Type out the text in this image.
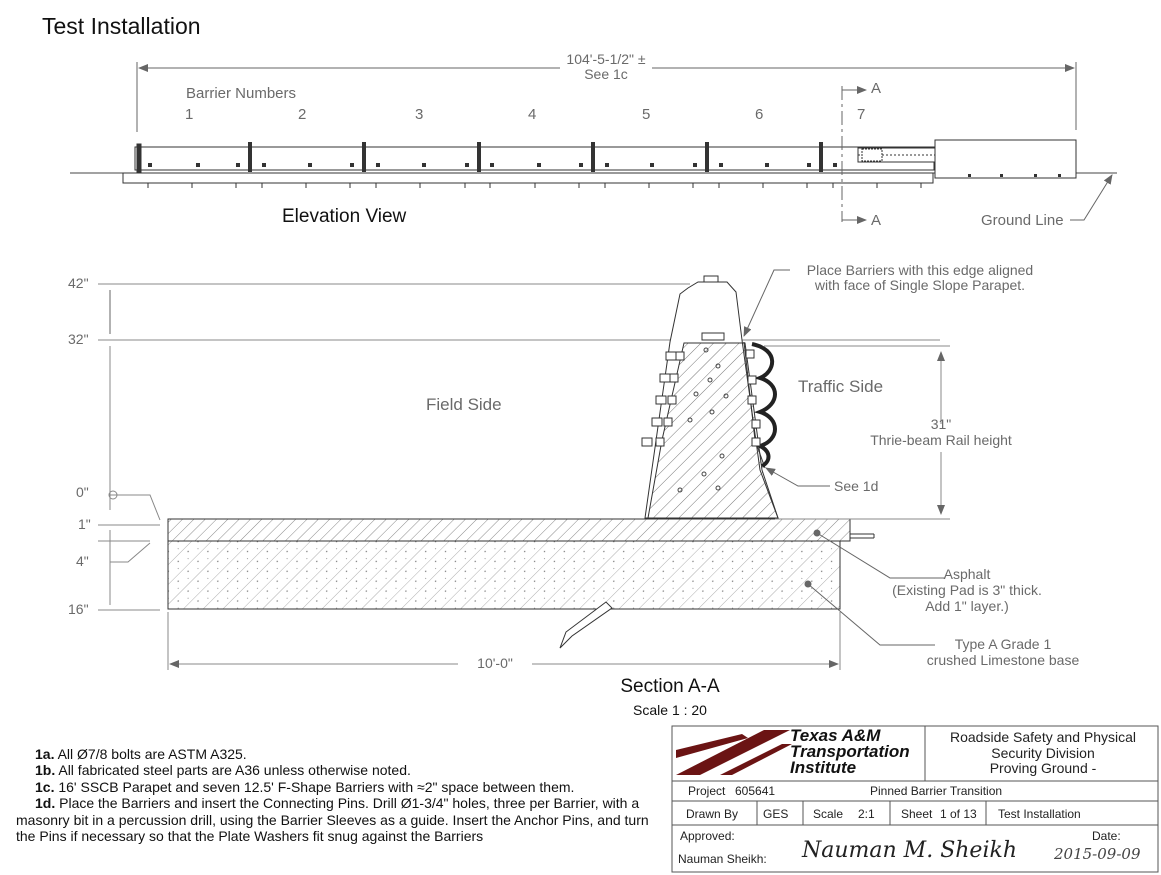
Test Installation
104'-5-1/2" ±
See 1c
Barrier Numbers
1	2	3	4	5	6	7
A
A
Elevation View	Ground Line
42"
32"
0"
1"
4"
16"
Field Side
Traffic Side
Place Barriers with this edge aligned
with face of Single Slope Parapet.
31"
Thrie-beam Rail height
See 1d
Asphalt
(Existing Pad is 3" thick.
Add 1" layer.)
Type A Grade 1
crushed Limestone base
10'-0"
Section A-A
Scale 1 : 20
1a. All Ø7/8 bolts are ASTM A325.
1b. All fabricated steel parts are A36 unless otherwise noted.
1c. 16' SSCB Parapet and seven 12.5' F-Shape Barriers with ≈2" space between them.
1d. Place the Barriers and insert the Connecting Pins. Drill Ø1-3/4" holes, three per Barrier, with a masonry bit in a percussion drill, using the Barrier Sleeves as a guide. Insert the Anchor Pins, and turn the Pins if necessary so that the Plate Washers fit snug against the Barriers
Texas A&M
Transportation
Institute
Roadside Safety and Physical
Security Division
Proving Ground -
Project 605641	Pinned Barrier Transition
Drawn By GES Scale 2:1 Sheet 1 of 13 Test Installation
Approved:
Nauman Sheikh: Nauman M. Sheikh
Date:
2015-09-09
